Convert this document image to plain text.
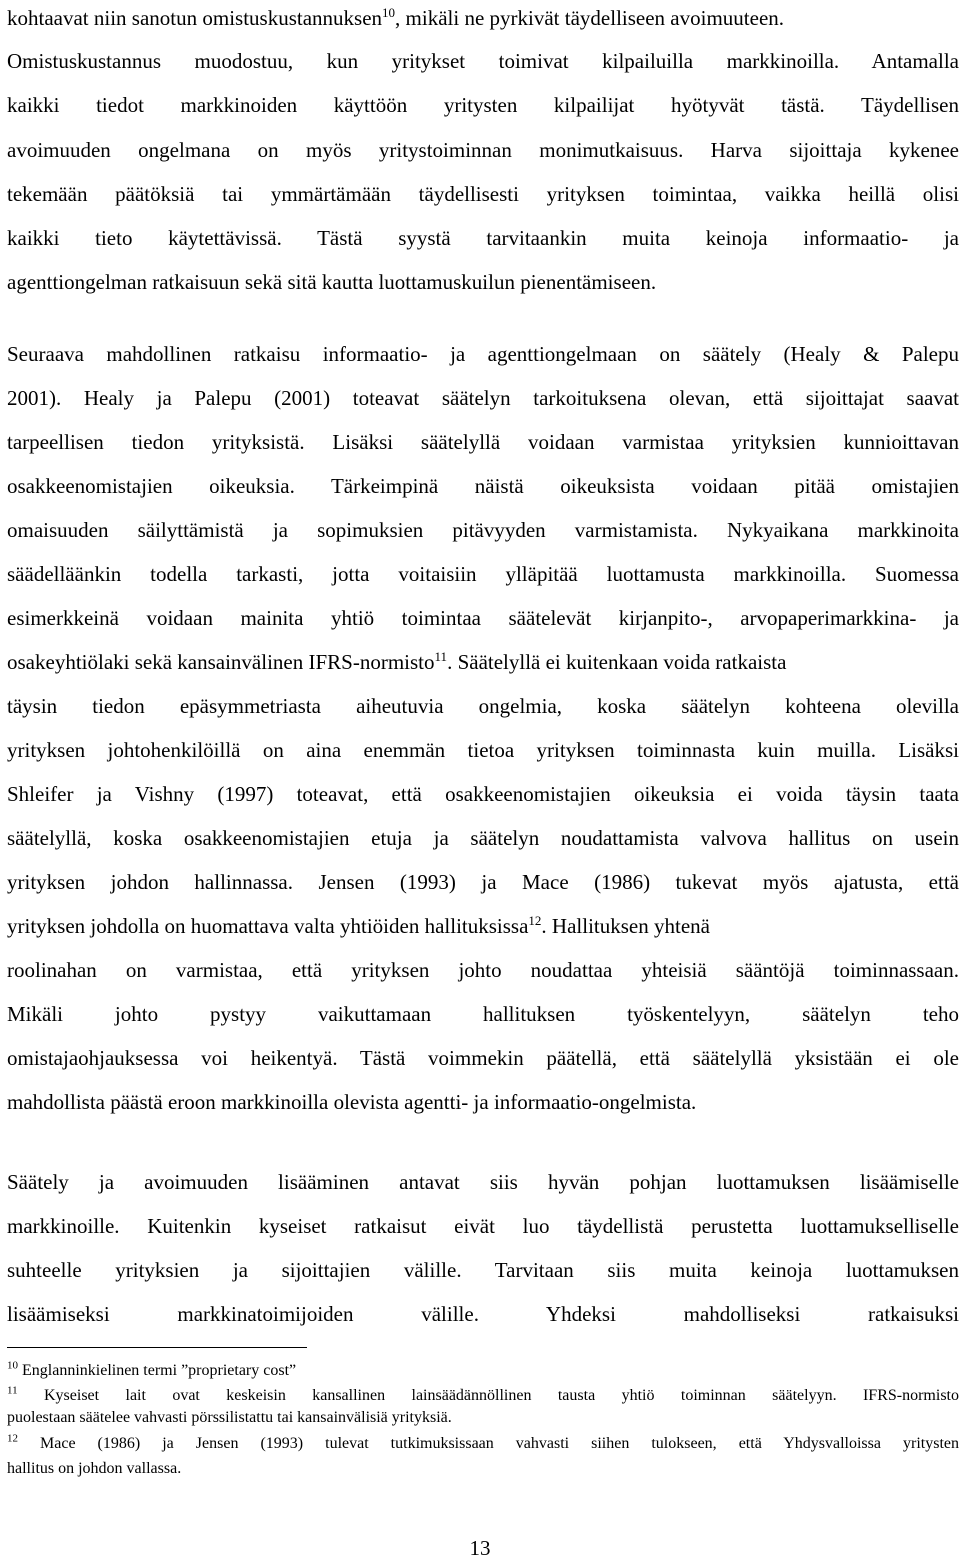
kohtaavat niin sanotun omistuskustannuksen$^{10}$, mikäli ne pyrkivät täydelliseen avoimuuteen.
Omistuskustannus muodostuu, kun yritykset toimivat kilpailuilla markkinoilla. Antamalla
kaikki tiedot markkinoiden käyttöön yritysten kilpailijat hyötyvät tästä. Täydellisen
avoimuuden ongelmana on myös yritystoiminnan monimutkaisuus. Harva sijoittaja kykenee
tekemään päätöksiä tai ymmärtämään täydellisesti yrityksen toimintaa, vaikka heillä olisi
kaikki tieto käytettävissä. Tästä syystä tarvitaankin muita keinoja informaatio- ja
agenttiongelman ratkaisuun sekä sitä kautta luottamuskuilun pienentämiseen.
Seuraava mahdollinen ratkaisu informaatio- ja agenttiongelmaan on säätely (Healy & Palepu
2001). Healy ja Palepu (2001) toteavat säätelyn tarkoituksena olevan, että sijoittajat saavat
tarpeellisen tiedon yrityksistä. Lisäksi säätelyllä voidaan varmistaa yrityksien kunnioittavan
osakkeenomistajien oikeuksia. Tärkeimpinä näistä oikeuksista voidaan pitää omistajien
omaisuuden säilyttämistä ja sopimuksien pitävyyden varmistamista. Nykyaikana markkinoita
säädelläänkin todella tarkasti, jotta voitaisiin ylläpitää luottamusta markkinoilla. Suomessa
esimerkkeinä voidaan mainita yhtiö toimintaa säätelevät kirjanpito-, arvopaperimarkkina- ja
osakeyhtiölaki sekä kansainvälinen IFRS-normisto$^{11}$. Säätelyllä ei kuitenkaan voida ratkaista
täysin tiedon epäsymmetriasta aiheutuvia ongelmia, koska säätelyn kohteena olevilla
yrityksen johtohenkilöillä on aina enemmän tietoa yrityksen toiminnasta kuin muilla. Lisäksi
Shleifer ja Vishny (1997) toteavat, että osakkeenomistajien oikeuksia ei voida täysin taata
säätelyllä, koska osakkeenomistajien etuja ja säätelyn noudattamista valvova hallitus on usein
yrityksen johdon hallinnassa. Jensen (1993) ja Mace (1986) tukevat myös ajatusta, että
yrityksen johdolla on huomattava valta yhtiöiden hallituksissa$^{12}$. Hallituksen yhtenä
roolinahan on varmistaa, että yrityksen johto noudattaa yhteisiä sääntöjä toiminnassaan.
Mikäli johto pystyy vaikuttamaan hallituksen työskentelyyn, säätelyn teho
omistajaohjauksessa voi heikentyä. Tästä voimmekin päätellä, että säätelyllä yksistään ei ole
mahdollista päästä eroon markkinoilla olevista agentti- ja informaatio-ongelmista.
Säätely ja avoimuuden lisääminen antavat siis hyvän pohjan luottamuksen lisäämiselle
markkinoille. Kuitenkin kyseiset ratkaisut eivät luo täydellistä perustetta luottamukselliselle
suhteelle yrityksien ja sijoittajien välille. Tarvitaan siis muita keinoja luottamuksen
lisäämiseksi markkinatoimijoiden välille. Yhdeksi mahdolliseksi ratkaisuksi
$^{10}$ Englanninkielinen termi ”proprietary cost”
$^{11}$ Kyseiset lait ovat keskeisin kansallinen lainsäädännöllinen tausta yhtiö toiminnan säätelyyn. IFRS-normisto
puolestaan säätelee vahvasti pörssilistattu tai kansainvälisiä yrityksiä.
$^{12}$ Mace (1986) ja Jensen (1993) tulevat tutkimuksissaan vahvasti siihen tulokseen, että Yhdysvalloissa yritysten
hallitus on johdon vallassa.
13
